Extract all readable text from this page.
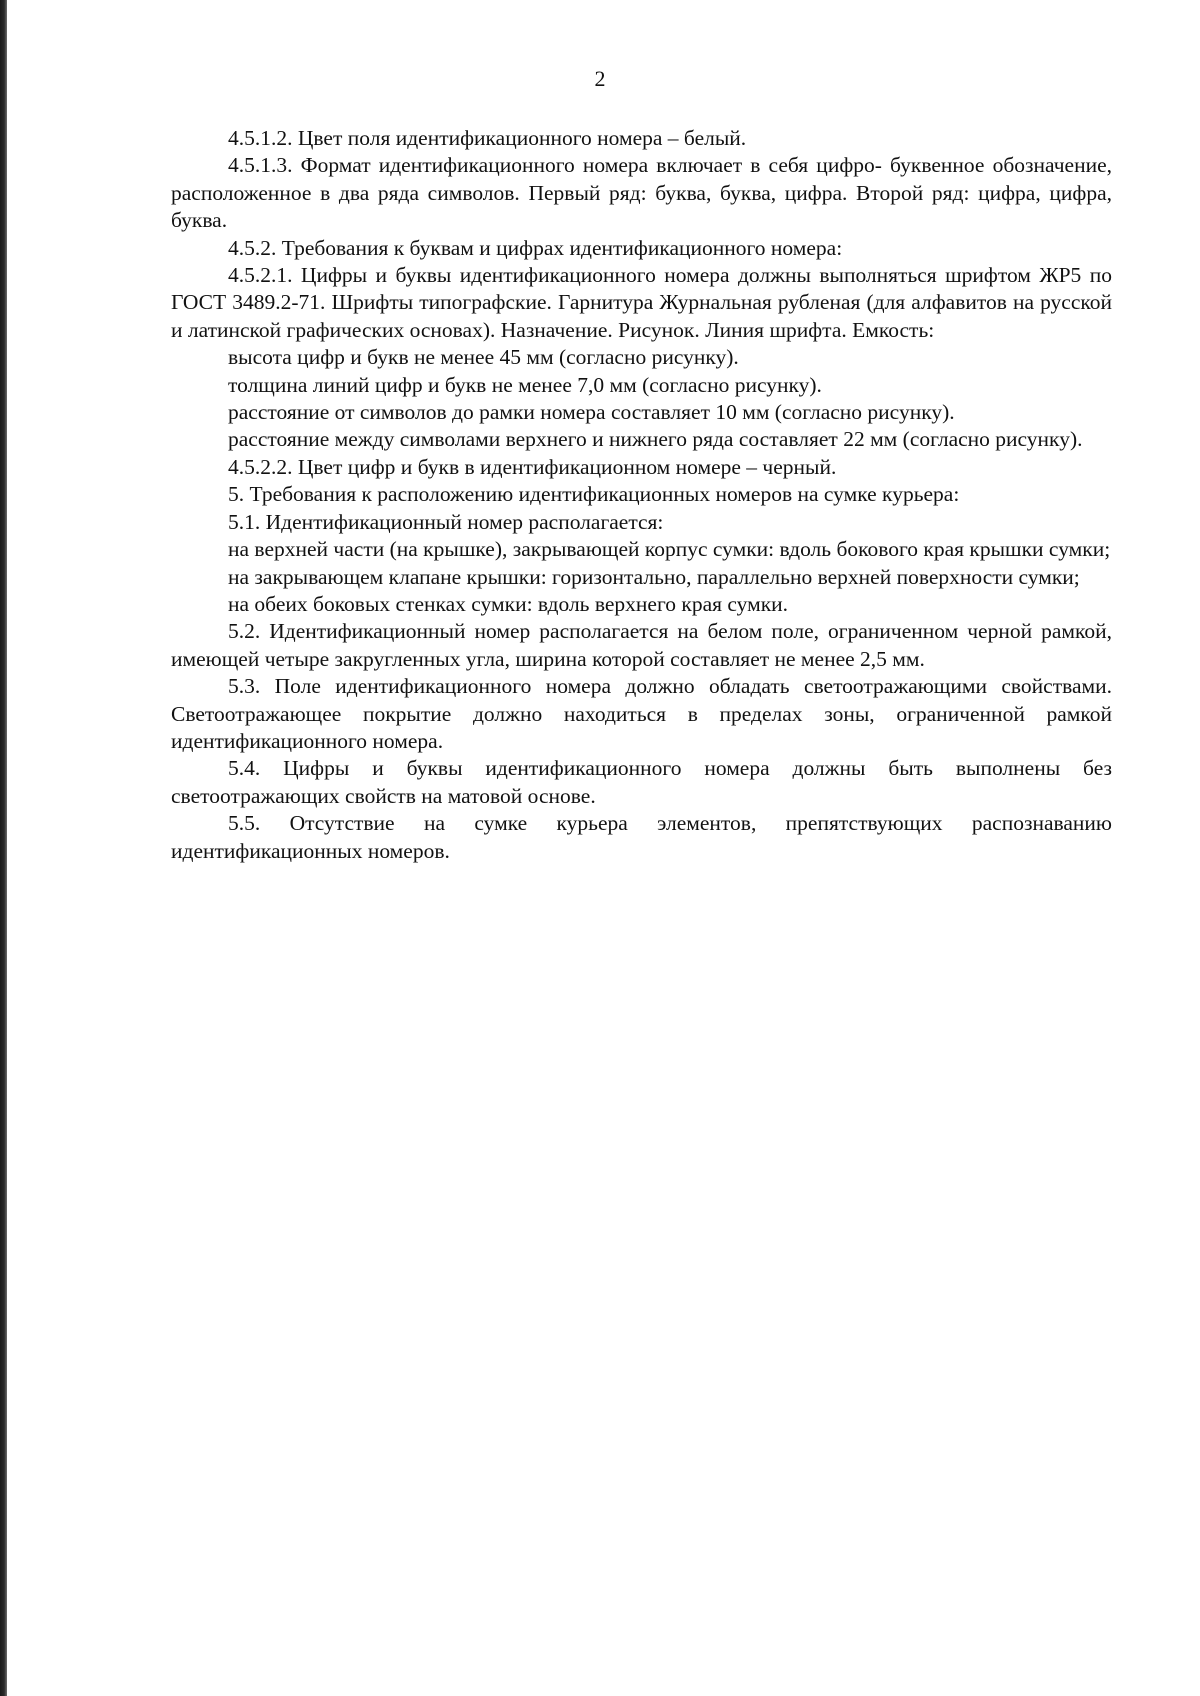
2

4.5.1.2. Цвет поля идентификационного номера – белый.

4.5.1.3. Формат идентификационного номера включает в себя цифро- буквенное обозначение, расположенное в два ряда символов. Первый ряд: буква, буква, цифра. Второй ряд: цифра, цифра, буква.

4.5.2. Требования к буквам и цифрах идентификационного номера:

4.5.2.1. Цифры и буквы идентификационного номера должны выполняться шрифтом ЖР5 по ГОСТ 3489.2-71. Шрифты типографские. Гарнитура Журнальная рубленая (для алфавитов на русской и латинской графических основах). Назначение. Рисунок. Линия шрифта. Емкость:

высота цифр и букв не менее 45 мм (согласно рисунку).

толщина линий цифр и букв не менее 7,0 мм (согласно рисунку).

расстояние от символов до рамки номера составляет 10 мм (согласно рисунку).

расстояние между символами верхнего и нижнего ряда составляет 22 мм (согласно рисунку).

4.5.2.2. Цвет цифр и букв в идентификационном номере – черный.

5. Требования к расположению идентификационных номеров на сумке курьера:

5.1. Идентификационный номер располагается:

на верхней части (на крышке), закрывающей корпус сумки: вдоль бокового края крышки сумки;

на закрывающем клапане крышки: горизонтально, параллельно верхней поверхности сумки;

на обеих боковых стенках сумки: вдоль верхнего края сумки.

5.2. Идентификационный номер располагается на белом поле, ограниченном черной рамкой, имеющей четыре закругленных угла, ширина которой составляет не менее 2,5 мм.

5.3. Поле идентификационного номера должно обладать светоотражающими свойствами. Светоотражающее покрытие должно находиться в пределах зоны, ограниченной рамкой идентификационного номера.

5.4. Цифры и буквы идентификационного номера должны быть выполнены без светоотражающих свойств на матовой основе.

5.5. Отсутствие на сумке курьера элементов, препятствующих распознаванию идентификационных номеров.
